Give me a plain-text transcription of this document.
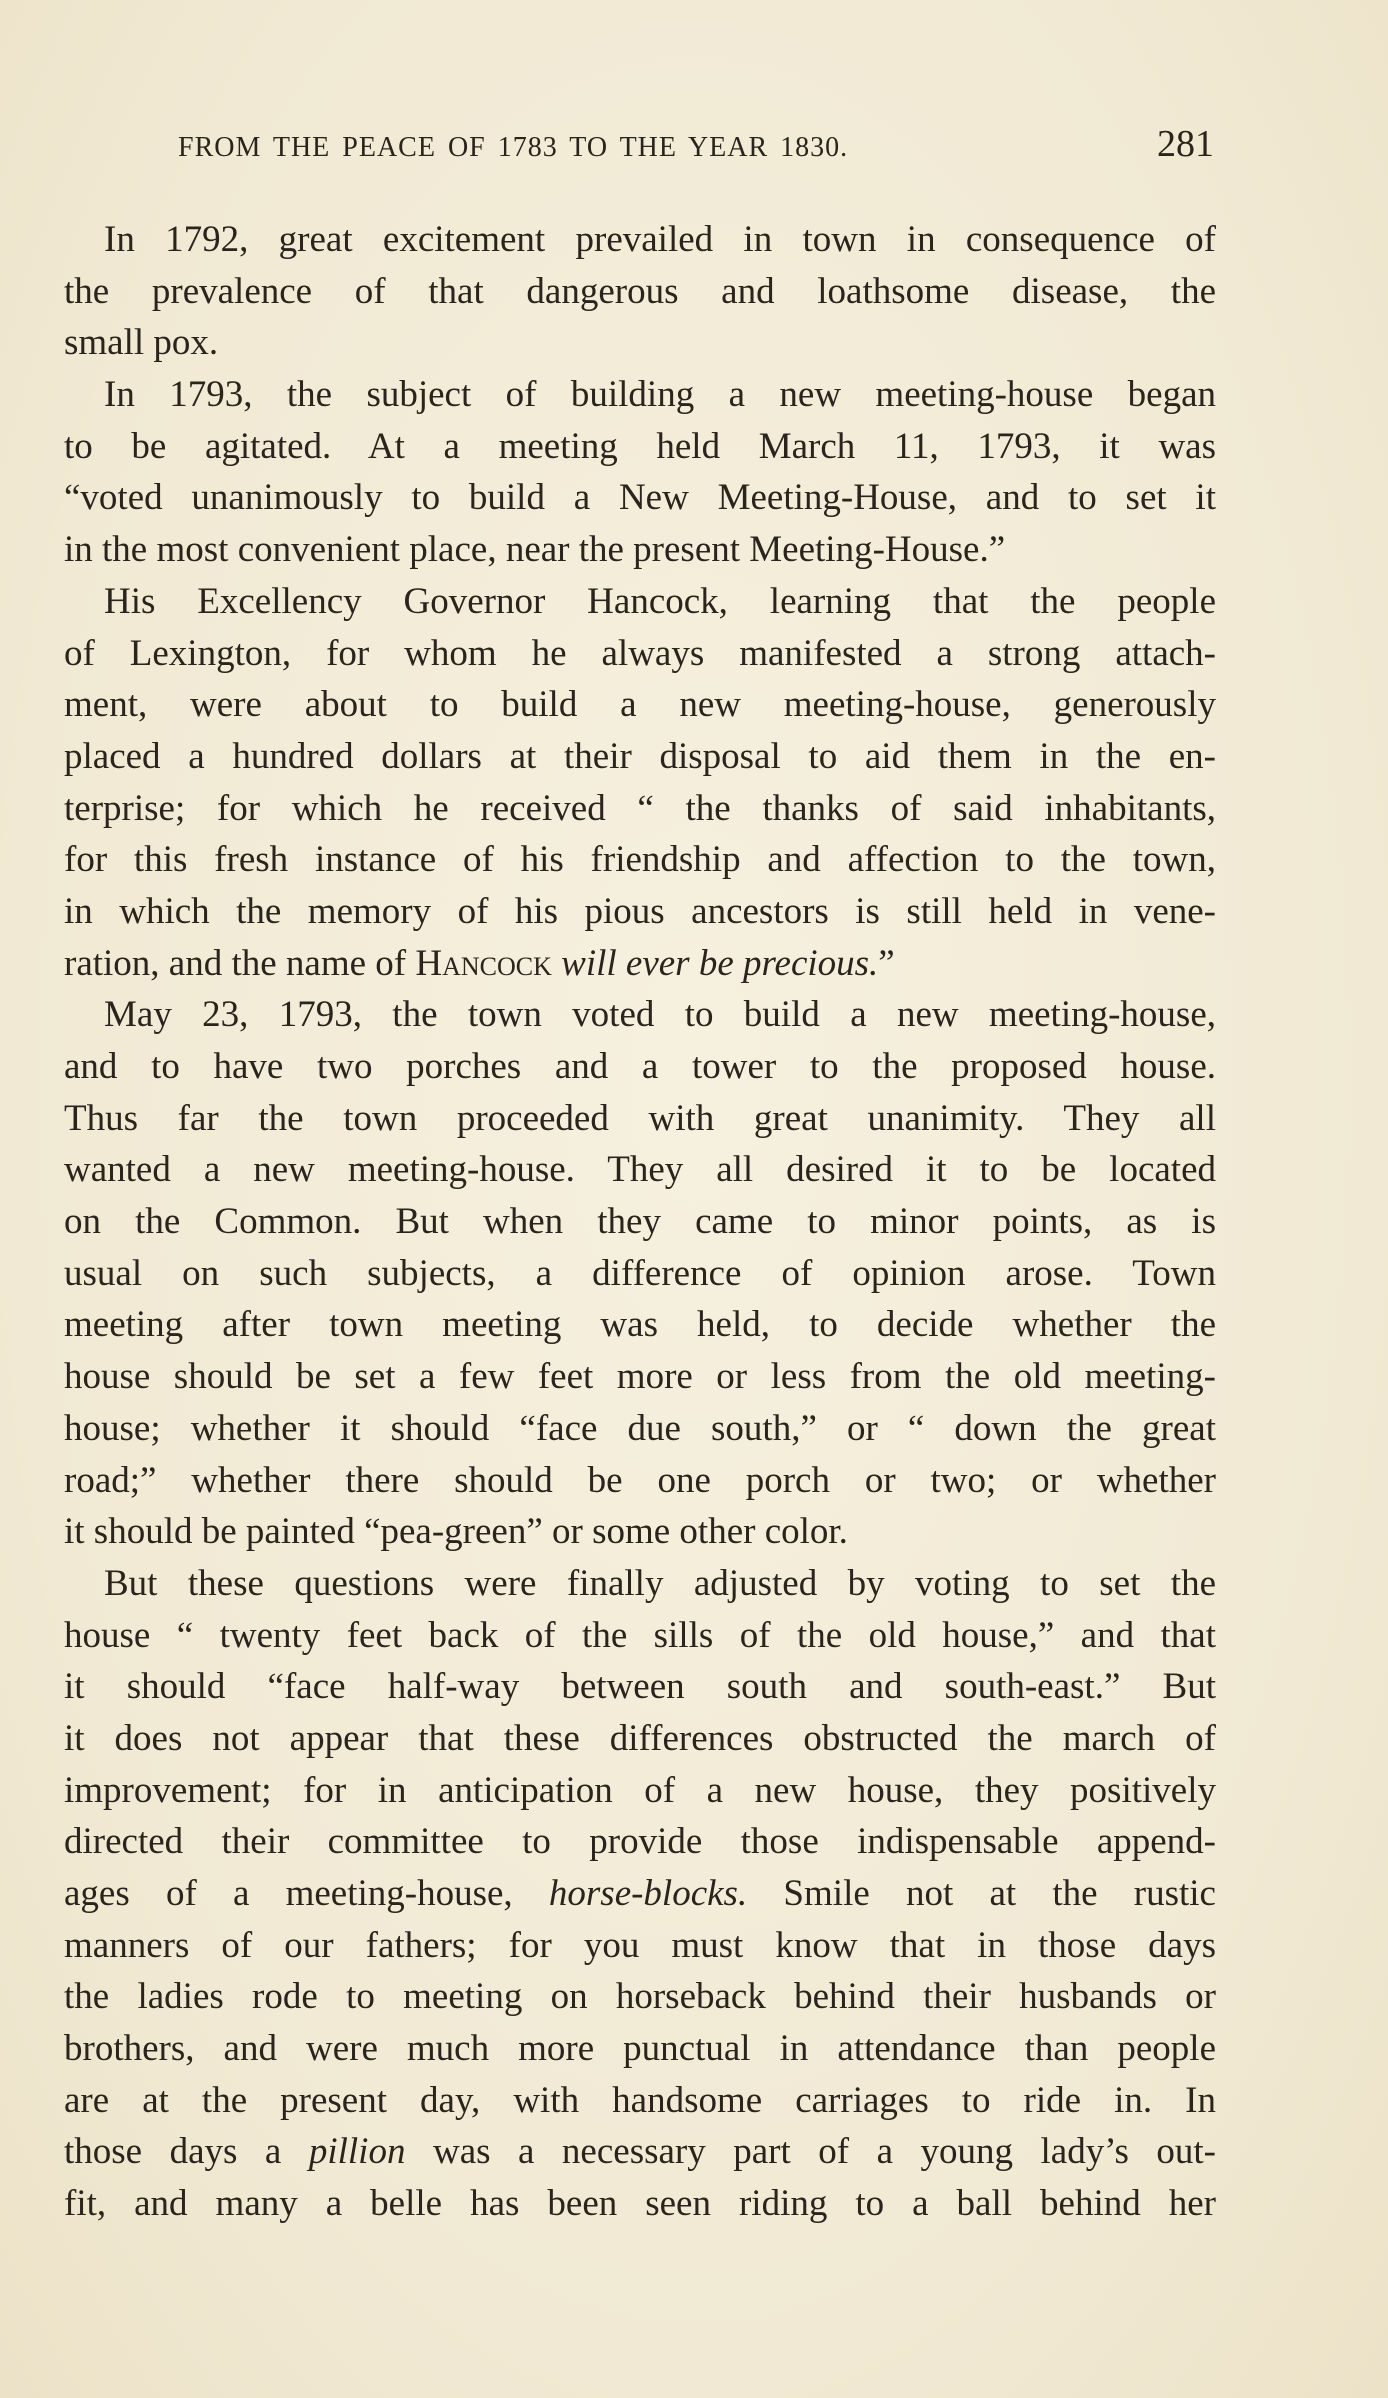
FROM THE PEACE OF 1783 TO THE YEAR 1830.	281
In 1792, great excitement prevailed in town in consequence of
the prevalence of that dangerous and loathsome disease, the
small pox.
In 1793, the subject of building a new meeting-house began
to be agitated. At a meeting held March 11, 1793, it was
“voted unanimously to build a New Meeting-House, and to set it
in the most convenient place, near the present Meeting-House.”
His Excellency Governor Hancock, learning that the people
of Lexington, for whom he always manifested a strong attach-
ment, were about to build a new meeting-house, generously
placed a hundred dollars at their disposal to aid them in the en-
terprise; for which he received “ the thanks of said inhabitants,
for this fresh instance of his friendship and affection to the town,
in which the memory of his pious ancestors is still held in vene-
ration, and the name of Hancock will ever be precious.”
May 23, 1793, the town voted to build a new meeting-house,
and to have two porches and a tower to the proposed house.
Thus far the town proceeded with great unanimity. They all
wanted a new meeting-house. They all desired it to be located
on the Common. But when they came to minor points, as is
usual on such subjects, a difference of opinion arose. Town
meeting after town meeting was held, to decide whether the
house should be set a few feet more or less from the old meeting-
house; whether it should “face due south,” or “ down the great
road;” whether there should be one porch or two; or whether
it should be painted “pea-green” or some other color.
But these questions were finally adjusted by voting to set the
house “ twenty feet back of the sills of the old house,” and that
it should “face half-way between south and south-east.” But
it does not appear that these differences obstructed the march of
improvement; for in anticipation of a new house, they positively
directed their committee to provide those indispensable append-
ages of a meeting-house, horse-blocks. Smile not at the rustic
manners of our fathers; for you must know that in those days
the ladies rode to meeting on horseback behind their husbands or
brothers, and were much more punctual in attendance than people
are at the present day, with handsome carriages to ride in. In
those days a pillion was a necessary part of a young lady’s out-
fit, and many a belle has been seen riding to a ball behind her
